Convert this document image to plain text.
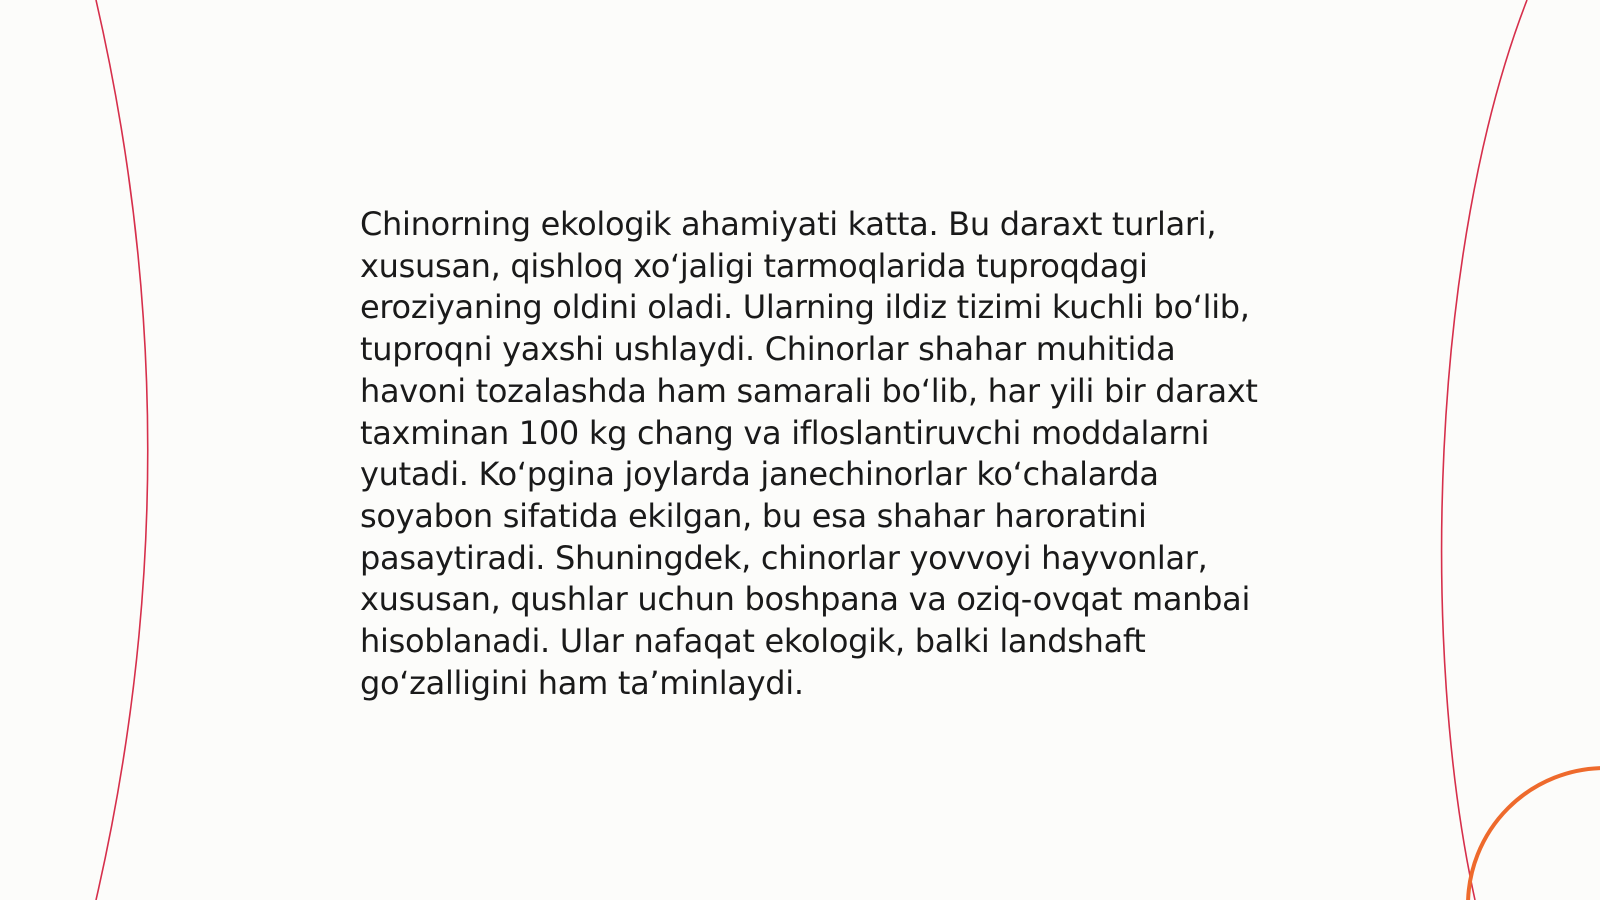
Chinorning ekologik ahamiyati katta. Bu daraxt turlari, xususan, qishloq xo‘jaligi tarmoqlarida tuproqdagi eroziyaning oldini oladi. Ularning ildiz tizimi kuchli bo‘lib, tuproqni yaxshi ushlaydi. Chinorlar shahar muhitida havoni tozalashda ham samarali bo‘lib, har yili bir daraxt taxminan 100 kg chang va ifloslantiruvchi moddalarni yutadi. Ko‘pgina joylarda janechinorlar ko‘chalarda soyabon sifatida ekilgan, bu esa shahar haroratini pasaytiradi. Shuningdek, chinorlar yovvoyi hayvonlar, xususan, qushlar uchun boshpana va oziq-ovqat manbai hisoblanadi. Ular nafaqat ekologik, balki landshaft go‘zalligini ham ta’minlaydi.
